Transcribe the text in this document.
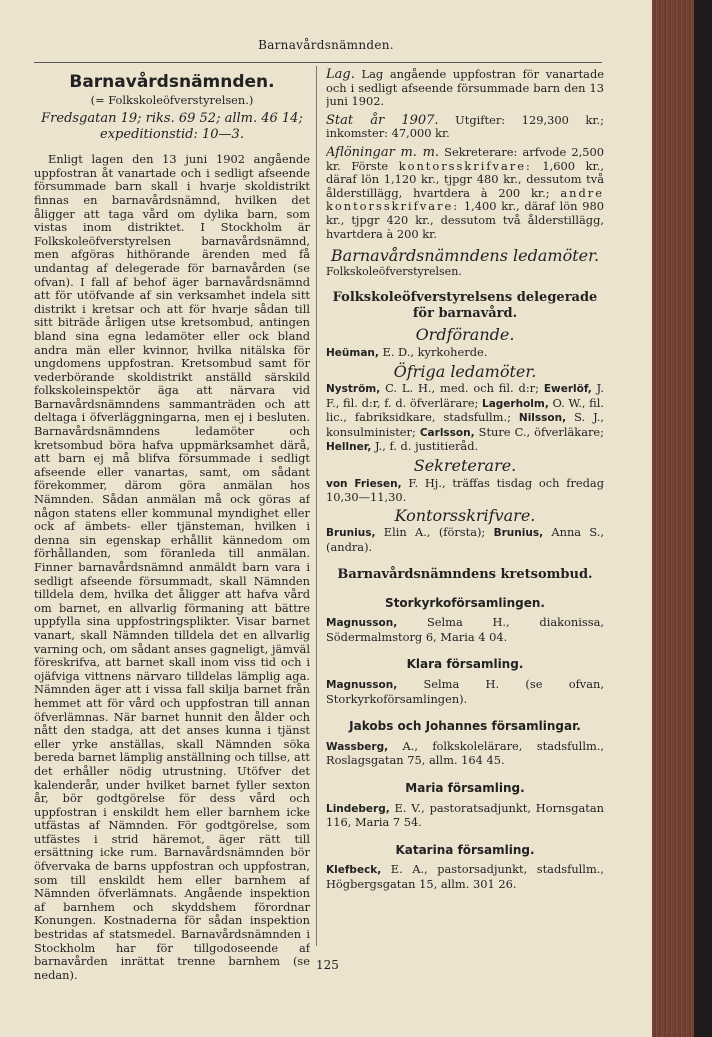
Barnavårdsnämnden.
Barnavårdsnämnden.
(= Folkskoleöfverstyrelsen.)
Fredsgatan 19; riks. 69 52; allm. 46 14;
expeditionstid: 10—3.

Enligt lagen den 13 juni 1902 angående uppfostran åt vanartade och i sedligt afseende försummade barn skall i hvarje skoldistrikt finnas en barnavårdsnämnd, hvilken det åligger att taga vård om dylika barn, som vistas inom distriktet. I Stockholm är Folkskoleöfverstyrelsen barnavårdsnämnd, men afgöras hithörande ärenden med få undantag af delegerade för barnavården (se ofvan). I fall af behof äger barnavårdsnämnd att för utöfvande af sin verksamhet indela sitt distrikt i kretsar och att för hvarje sådan till sitt biträde årligen utse kretsombud, antingen bland sina egna ledamöter eller ock bland andra män eller kvinnor, hvilka nitälska för ungdomens uppfostran. Kretsombud samt för vederbörande skoldistrikt anställd särskild folkskoleinspektör äga att närvara vid Barnavårdsnämndens sammanträden och att deltaga i öfverläggningarna, men ej i besluten. Barnavårdsnämndens ledamöter och kretsombud böra hafva uppmärksamhet därå, att barn ej må blifva försummade i sedligt afseende eller vanartas, samt, om sådant förekommer, därom göra anmälan hos Nämnden. Sådan anmälan må ock göras af någon statens eller kommunal myndighet eller ock af ämbets- eller tjänsteman, hvilken i denna sin egenskap erhållit kännedom om förhållanden, som föranleda till anmälan. Finner barnavårdsnämnd anmäldt barn vara i sedligt afseende försummadt, skall Nämnden tilldela dem, hvilka det åligger att hafva vård om barnet, en allvarlig förmaning att bättre uppfylla sina uppfostringsplikter. Visar barnet vanart, skall Nämnden tilldela det en allvarlig varning och, om sådant anses gagneligt, jämväl föreskrifva, att barnet skall inom viss tid och i ojäfviga vittnens närvaro tilldelas lämplig aga. Nämnden äger att i vissa fall skilja barnet från hemmet att för vård och uppfostran till annan öfverlämnas. När barnet hunnit den ålder och nått den stadga, att det anses kunna i tjänst eller yrke anställas, skall Nämnden söka bereda barnet lämplig anställning och tillse, att det erhåller nödig utrustning. Utöfver det kalenderår, under hvilket barnet fyller sexton år, bör godtgörelse för dess vård och uppfostran i enskildt hem eller barnhem icke utfästas af Nämnden. För godtgörelse, som utfästes i strid häremot, äger rätt till ersättning icke rum. Barnavårdsnämnden bör öfvervaka de barns uppfostran och uppfostran, som till enskildt hem eller barnhem af Nämnden öfverlämnats. Angående inspektion af barnhem och skyddshem förordnar Konungen. Kostnaderna för sådan inspektion bestridas af statsmedel. Barnavårdsnämnden i Stockholm har för tillgodoseende af barnavården inrättat trenne barnhem (se nedan).

Lag. Lag angående uppfostran för vanartade och i sedligt afseende försummade barn den 13 juni 1902.
Stat år 1907. Utgifter: 129,300 kr.; inkomster: 47,000 kr.
Aflöningar m. m. Sekreterare: arfvode 2,500 kr. Förste kontorsskrifvare: 1,600 kr., däraf lön 1,120 kr., tjpgr 480 kr., dessutom två ålderstillägg, hvartdera à 200 kr.; andre kontorsskrifvare: 1,400 kr., däraf lön 980 kr., tjpgr 420 kr., dessutom två ålderstillägg, hvartdera à 200 kr.
Barnavårdsnämndens ledamöter.
Folkskoleöfverstyrelsen.
Folkskoleöfverstyrelsens delegerade för barnavård.
Ordförande.
Heüman, E. D., kyrkoherde.
Öfriga ledamöter.
Nyström, C. L. H., med. och fil. d:r; Ewerlöf, J. F., fil. d:r, f. d. öfverlärare; Lagerholm, O. W., fil. lic., fabriksidkare, stadsfullm.; Nilsson, S. J., konsulminister; Carlsson, Sture C., öfverläkare; Hellner, J., f. d. justitieråd.
Sekreterare.
von Friesen, F. Hj., träffas tisdag och fredag 10,30—11,30.
Kontorsskrifvare.
Brunius, Elin A., (första); Brunius, Anna S., (andra).
Barnavårdsnämndens kretsombud.
Storkyrkoförsamlingen.
Magnusson,	Selma H., diakonissa, Södermalmstorg 6, Maria 4 04.
Klara församling.
Magnusson, Selma H. (se ofvan, Storkyrkoförsamlingen).
Jakobs och Johannes församlingar.
Wassberg, A., folkskolelärare, stadsfullm., Roslagsgatan 75, allm. 164 45.
Maria församling.
Lindeberg, E. V., pastoratsadjunkt, Hornsgatan 116, Maria 7 54.
Katarina församling.
Klefbeck, E. A., pastorsadjunkt, stadsfullm., Högbergsgatan 15, allm. 301 26.
125
